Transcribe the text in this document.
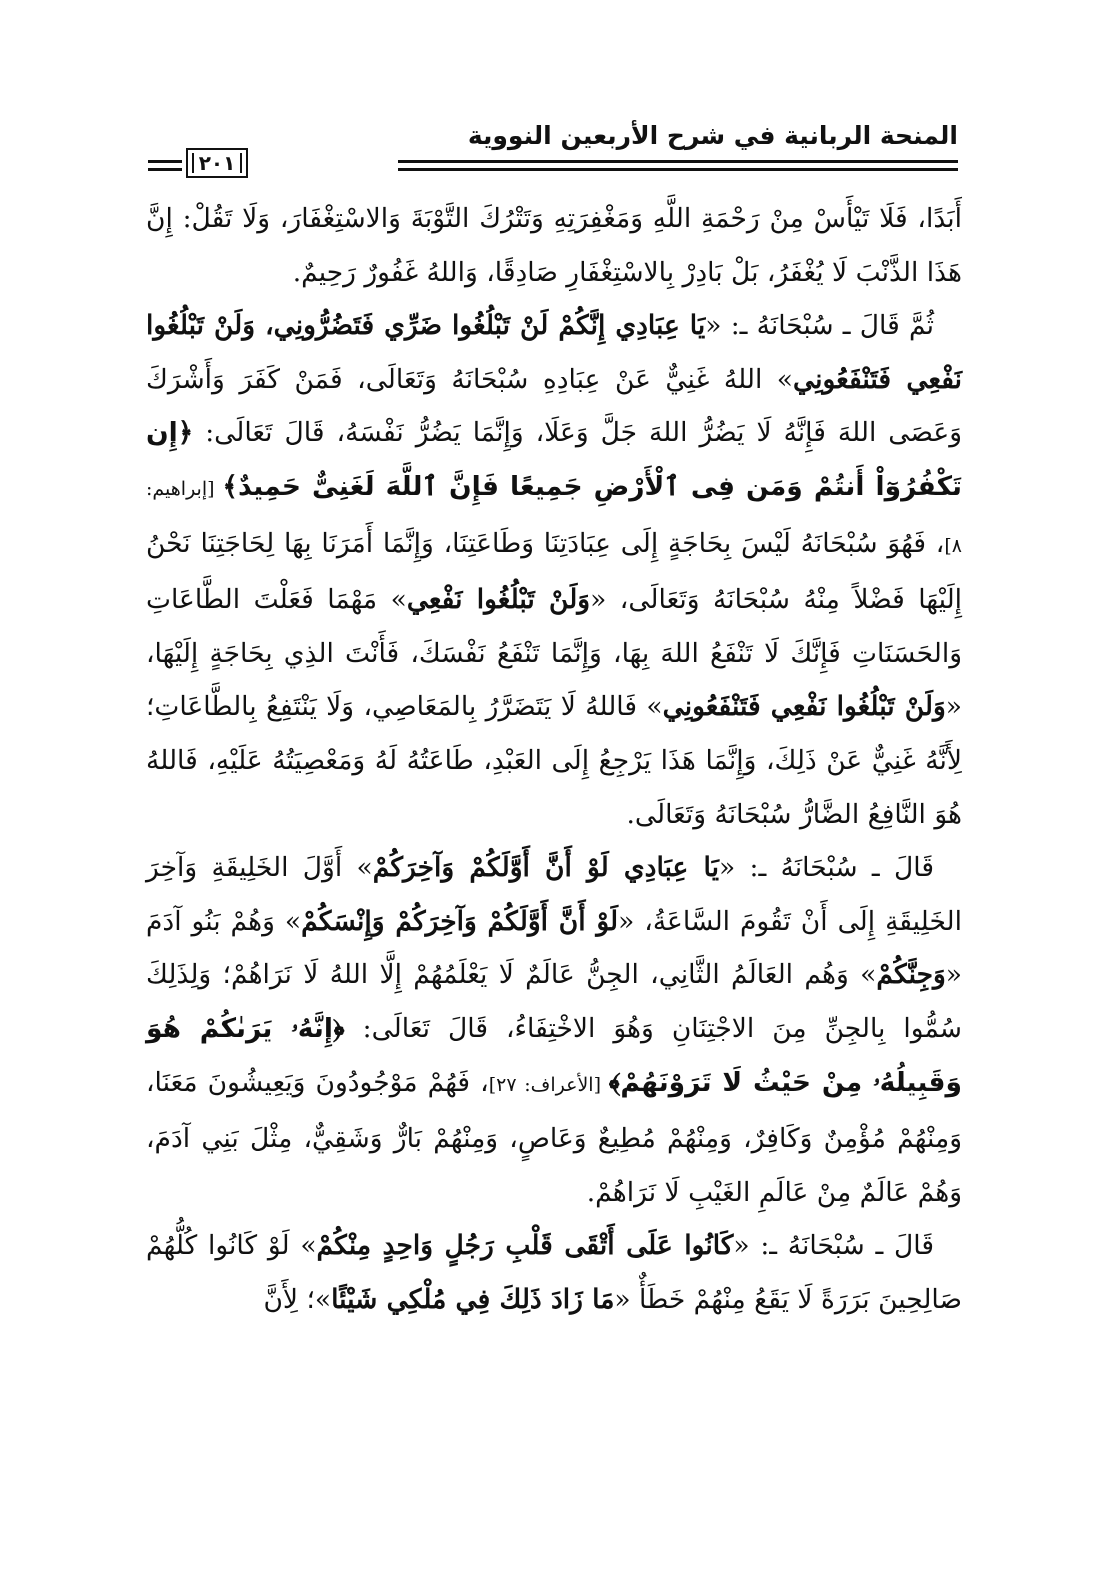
المنحة الربانية في شرح الأربعين النووية
٢٠١

أَبَدًا، فَلَا تَيْأَسْ مِنْ رَحْمَةِ اللَّهِ وَمَغْفِرَتِهِ وَتَتْرُكَ التَّوْبَةَ وَالاسْتِغْفَارَ، وَلَا تَقُلْ: إِنَّ هَذَا الذَّنْبَ لَا يُغْفَرُ، بَلْ بَادِرْ بِالاسْتِغْفَارِ صَادِقًا، وَاللهُ غَفُورٌ رَحِيمٌ.

ثُمَّ قَالَ ـ سُبْحَانَهُ ـ: «يَا عِبَادِي إِنَّكُمْ لَنْ تَبْلُغُوا ضَرِّي فَتَضُرُّونِي، وَلَنْ تَبْلُغُوا نَفْعِي فَتَنْفَعُونِي» اللهُ غَنِيٌّ عَنْ عِبَادِهِ سُبْحَانَهُ وَتَعَالَى، فَمَنْ كَفَرَ وَأَشْرَكَ وَعَصَى اللهَ فَإِنَّهُ لَا يَضُرُّ اللهَ جَلَّ وَعَلَا، وَإِنَّمَا يَضُرُّ نَفْسَهُ، قَالَ تَعَالَى: ﴿إِن تَكْفُرُوٓاْ أَنتُمْ وَمَن فِى ٱلْأَرْضِ جَمِيعًا فَإِنَّ ٱللَّهَ لَغَنِىٌّ حَمِيدٌ﴾ [إبراهيم: ٨]، فَهُوَ سُبْحَانَهُ لَيْسَ بِحَاجَةٍ إِلَى عِبَادَتِنَا وَطَاعَتِنَا، وَإِنَّمَا أَمَرَنَا بِهَا لِحَاجَتِنَا نَحْنُ إِلَيْهَا فَضْلاً مِنْهُ سُبْحَانَهُ وَتَعَالَى، «وَلَنْ تَبْلُغُوا نَفْعِي» مَهْمَا فَعَلْتَ الطَّاعَاتِ وَالحَسَنَاتِ فَإِنَّكَ لَا تَنْفَعُ اللهَ بِهَا، وَإِنَّمَا تَنْفَعُ نَفْسَكَ، فَأَنْتَ الذِي بِحَاجَةٍ إِلَيْهَا، «وَلَنْ تَبْلُغُوا نَفْعِي فَتَنْفَعُونِي» فَاللهُ لَا يَتَضَرَّرُ بِالمَعَاصِي، وَلَا يَنْتَفِعُ بِالطَّاعَاتِ؛ لِأَنَّهُ غَنِيٌّ عَنْ ذَلِكَ، وَإِنَّمَا هَذَا يَرْجِعُ إِلَى العَبْدِ، طَاعَتُهُ لَهُ وَمَعْصِيَتُهُ عَلَيْهِ، فَاللهُ هُوَ النَّافِعُ الضَّارُّ سُبْحَانَهُ وَتَعَالَى.

قَالَ ـ سُبْحَانَهُ ـ: «يَا عِبَادِي لَوْ أَنَّ أَوَّلَكُمْ وَآخِرَكُمْ» أَوَّلَ الخَلِيقَةِ وَآخِرَ الخَلِيقَةِ إِلَى أَنْ تَقُومَ السَّاعَةُ، «لَوْ أَنَّ أَوَّلَكُمْ وَآخِرَكُمْ وَإِنْسَكُمْ» وَهُمْ بَنُو آدَمَ «وَجِنَّكُمْ» وَهُم العَالَمُ الثَّانِي، الجِنُّ عَالَمٌ لَا يَعْلَمُهُمْ إِلَّا اللهُ لَا نَرَاهُمْ؛ وَلِذَلِكَ سُمُّوا بِالجِنِّ مِنَ الاجْتِنَانِ وَهُوَ الاخْتِفَاءُ، قَالَ تَعَالَى: ﴿إِنَّهُۥ يَرَىٰكُمْ هُوَ وَقَبِيلُهُۥ مِنْ حَيْثُ لَا تَرَوْنَهُمْ﴾ [الأعراف: ٢٧]، فَهُمْ مَوْجُودُونَ وَيَعِيشُونَ مَعَنَا، وَمِنْهُمْ مُؤْمِنٌ وَكَافِرٌ، وَمِنْهُمْ مُطِيعٌ وَعَاصٍ، وَمِنْهُمْ بَارٌّ وَشَقِيٌّ، مِثْلَ بَنِي آدَمَ، وَهُمْ عَالَمٌ مِنْ عَالَمِ الغَيْبِ لَا نَرَاهُمْ.

قَالَ ـ سُبْحَانَهُ ـ: «كَانُوا عَلَى أَتْقَى قَلْبِ رَجُلٍ وَاحِدٍ مِنْكُمْ» لَوْ كَانُوا كُلُّهُمْ صَالِحِينَ بَرَرَةً لَا يَقَعُ مِنْهُمْ خَطَأٌ «مَا زَادَ ذَلِكَ فِي مُلْكِي شَيْئًا»؛ لِأَنَّ
